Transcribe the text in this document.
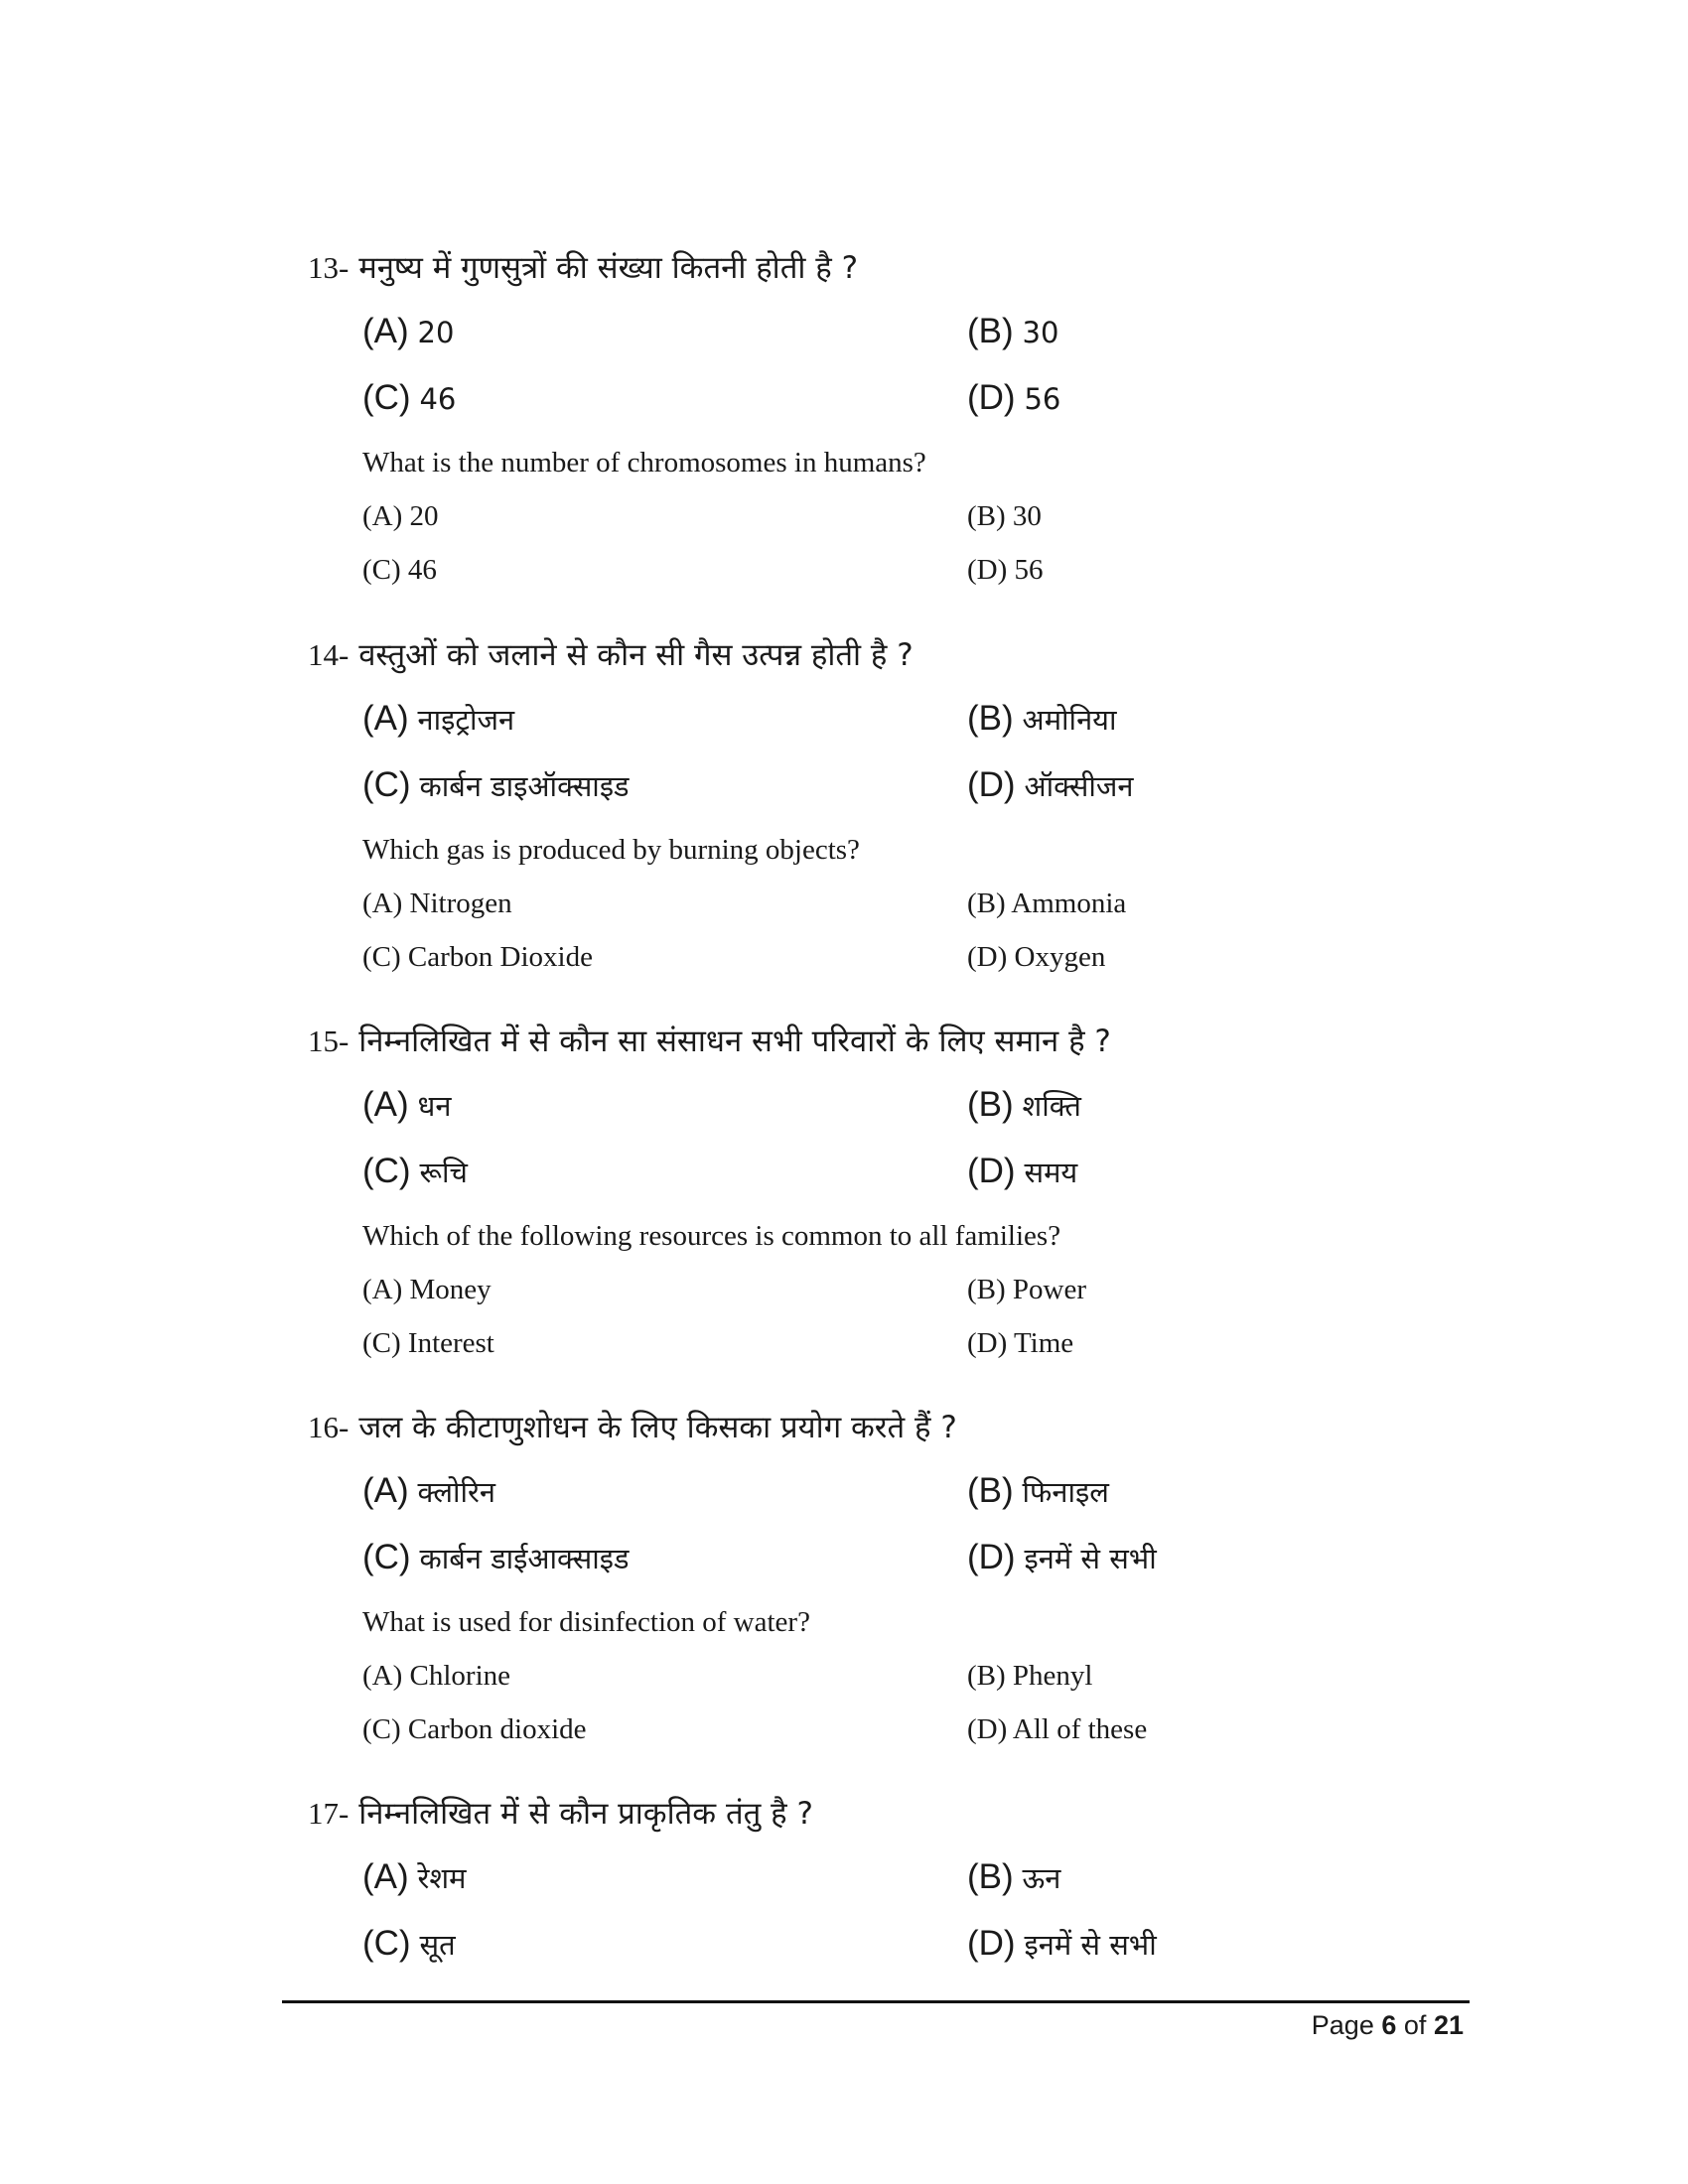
13- मनुष्य में गुणसुत्रों की संख्या कितनी होती है ?
(A) 20	(B) 30
(C) 46	(D) 56
What is the number of chromosomes in humans?
(A) 20	(B) 30
(C) 46	(D) 56
14- वस्तुओं को जलाने से कौन सी गैस उत्पन्न होती है ?
(A) नाइट्रोजन	(B) अमोनिया
(C) कार्बन डाइऑक्साइड	(D) ऑक्सीजन
Which gas is produced by burning objects?
(A) Nitrogen	(B) Ammonia
(C) Carbon Dioxide	(D) Oxygen
15- निम्नलिखित में से कौन सा संसाधन सभी परिवारों के लिए समान है ?
(A) धन	(B) शक्ति
(C) रूचि	(D) समय
Which of the following resources is common to all families?
(A) Money	(B) Power
(C) Interest	(D) Time
16- जल के कीटाणुशोधन के लिए किसका प्रयोग करते हैं ?
(A) क्लोरिन	(B) फिनाइल
(C) कार्बन डाईआक्साइड	(D) इनमें से सभी
What is used for disinfection of water?
(A) Chlorine	(B) Phenyl
(C) Carbon dioxide	(D) All of these
17- निम्नलिखित में से कौन प्राकृतिक तंतु है ?
(A) रेशम	(B) ऊन
(C) सूत	(D) इनमें से सभी
Page 6 of 21
